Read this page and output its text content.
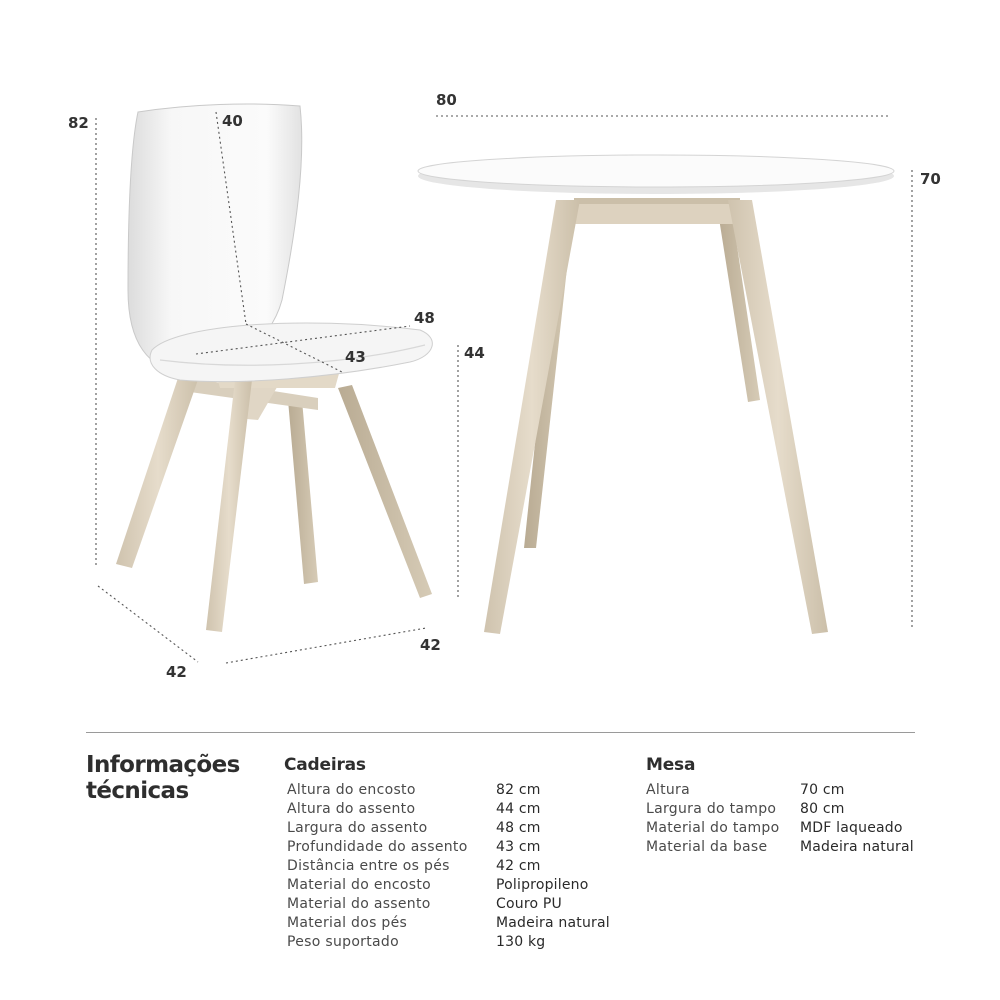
82	40
48
43	44
42
42
80
70
Informações
técnicas
Cadeiras
Altura do encosto	82 cm
Altura do assento	44 cm
Largura do assento	48 cm
Profundidade do assento 43 cm
Distância entre os pés	42 cm
Material do encosto	Polipropileno
Material do assento	Couro PU
Material dos pés	Madeira natural
Peso suportado	130 kg
Mesa
Altura	70 cm
Largura do tampo 80 cm
Material do tampo MDF laqueado
Material da base Madeira natural
